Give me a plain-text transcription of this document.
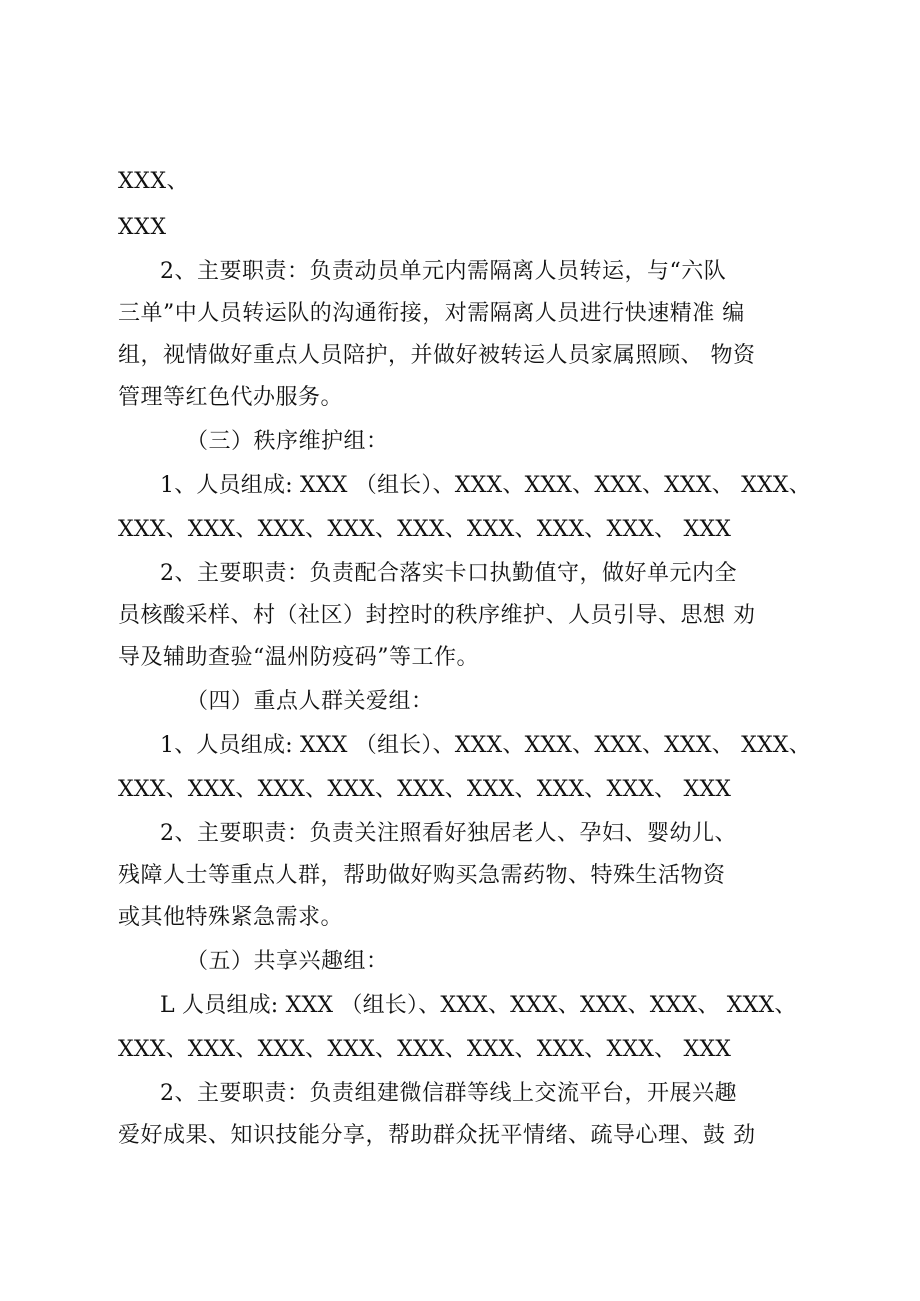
XXX、
XXX
2、主要职责：负责动员单元内需隔离人员转运，与“六队
三单”中人员转运队的沟通衔接，对需隔离人员进行快速精准 编
组，视情做好重点人员陪护，并做好被转运人员家属照顾、 物资
管理等红色代办服务。
（三）秩序维护组：
1、人员组成: XXX （组长）、XXX、XXX、XXX、XXX、 XXX、
XXX、XXX、XXX、XXX、XXX、XXX、XXX、XXX、 XXX
2、主要职责：负责配合落实卡口执勤值守，做好单元内全
员核酸采样、村（社区）封控时的秩序维护、人员引导、思想 劝
导及辅助查验“温州防疫码”等工作。
（四）重点人群关爱组：
1、人员组成: XXX （组长）、XXX、XXX、XXX、XXX、 XXX、
XXX、XXX、XXX、XXX、XXX、XXX、XXX、XXX、 XXX
2、主要职责：负责关注照看好独居老人、孕妇、婴幼儿、
残障人士等重点人群，帮助做好购买急需药物、特殊生活物资
或其他特殊紧急需求。
（五）共享兴趣组：
L 人员组成: XXX （组长）、XXX、XXX、XXX、XXX、 XXX、
XXX、XXX、XXX、XXX、XXX、XXX、XXX、XXX、 XXX
2、主要职责：负责组建微信群等线上交流平台，开展兴趣
爱好成果、知识技能分享，帮助群众抚平情绪、疏导心理、鼓 劲
